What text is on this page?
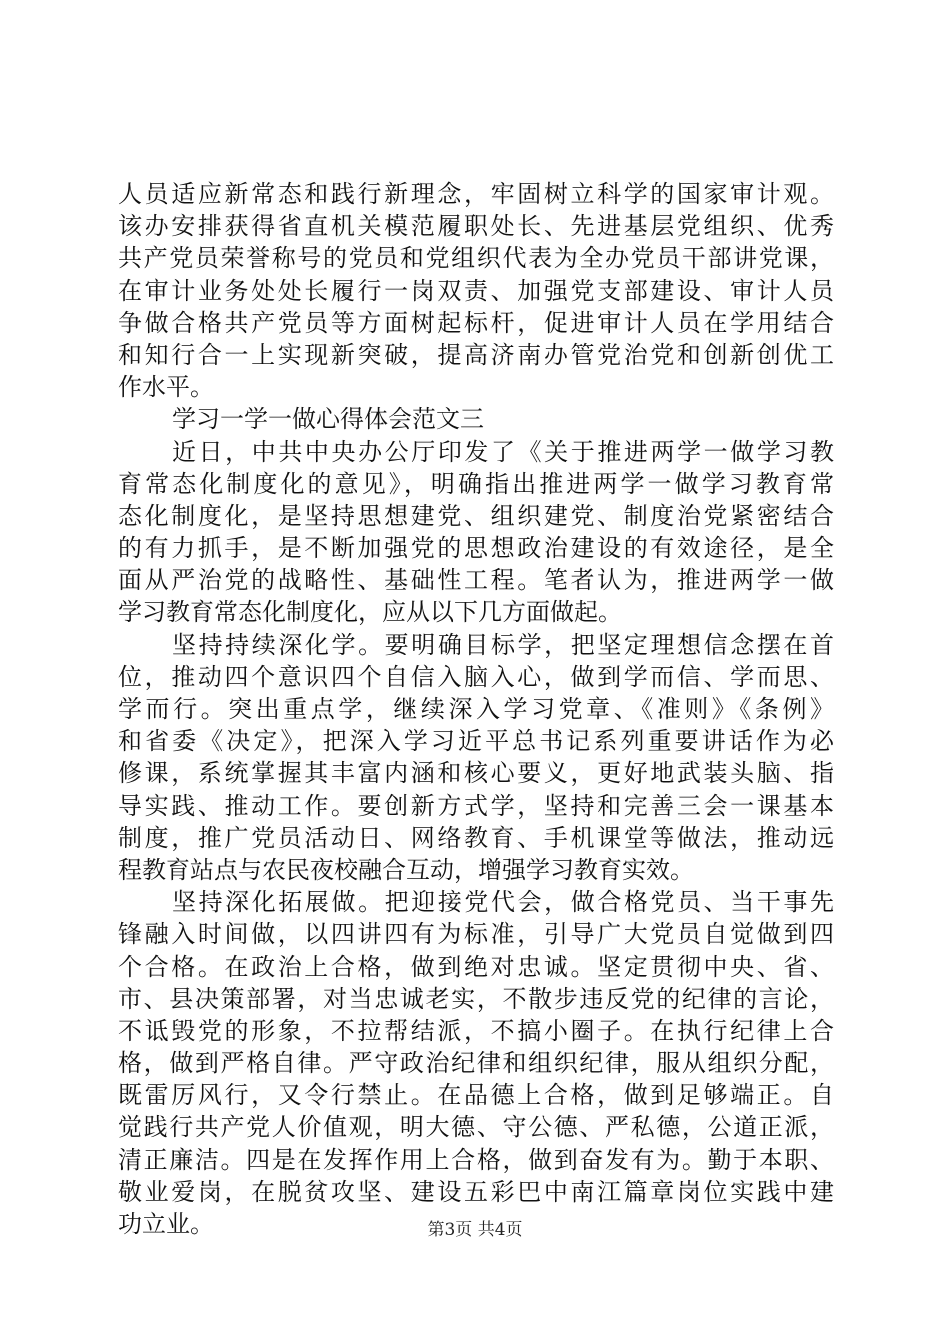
人员适应新常态和践行新理念，牢固树立科学的国家审计观。
该办安排获得省直机关模范履职处长、先进基层党组织、优秀
共产党员荣誉称号的党员和党组织代表为全办党员干部讲党课，
在审计业务处处长履行一岗双责、加强党支部建设、审计人员
争做合格共产党员等方面树起标杆，促进审计人员在学用结合
和知行合一上实现新突破，提高济南办管党治党和创新创优工
作水平。
学习一学一做心得体会范文三
近日，中共中央办公厅印发了《关于推进两学一做学习教
育常态化制度化的意见》，明确指出推进两学一做学习教育常
态化制度化，是坚持思想建党、组织建党、制度治党紧密结合
的有力抓手，是不断加强党的思想政治建设的有效途径，是全
面从严治党的战略性、基础性工程。笔者认为，推进两学一做
学习教育常态化制度化，应从以下几方面做起。
坚持持续深化学。要明确目标学，把坚定理想信念摆在首
位，推动四个意识四个自信入脑入心，做到学而信、学而思、
学而行。突出重点学，继续深入学习党章、《准则》《条例》
和省委《决定》，把深入学习近平总书记系列重要讲话作为必
修课，系统掌握其丰富内涵和核心要义，更好地武装头脑、指
导实践、推动工作。要创新方式学，坚持和完善三会一课基本
制度，推广党员活动日、网络教育、手机课堂等做法，推动远
程教育站点与农民夜校融合互动，增强学习教育实效。
坚持深化拓展做。把迎接党代会，做合格党员、当干事先
锋融入时间做，以四讲四有为标准，引导广大党员自觉做到四
个合格。在政治上合格，做到绝对忠诚。坚定贯彻中央、省、
市、县决策部署，对当忠诚老实，不散步违反党的纪律的言论，
不诋毁党的形象，不拉帮结派，不搞小圈子。在执行纪律上合
格，做到严格自律。严守政治纪律和组织纪律，服从组织分配，
既雷厉风行，又令行禁止。在品德上合格，做到足够端正。自
觉践行共产党人价值观，明大德、守公德、严私德，公道正派，
清正廉洁。四是在发挥作用上合格，做到奋发有为。勤于本职、
敬业爱岗，在脱贫攻坚、建设五彩巴中南江篇章岗位实践中建
功立业。	第3页 共4页
